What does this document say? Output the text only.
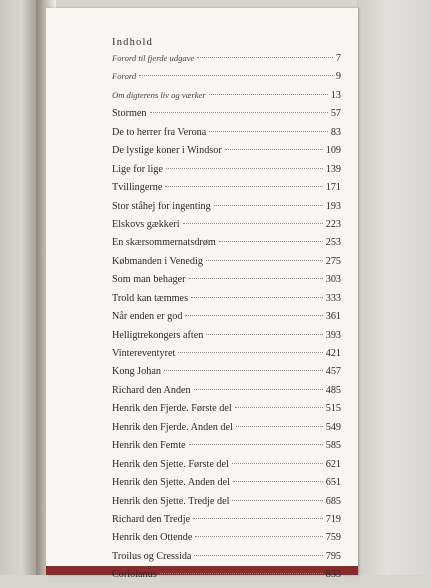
Indhold
Forord til fjerde udgave	7
Forord	9
Om digterens liv og værker	13
Stormen	57
De to herrer fra Verona	83
De lystige koner i Windsor	109
Lige for lige	139
Tvillingerne	171
Stor ståhej for ingenting	193
Elskovs gækkeri	223
En skærsommernatsdrøm	253
Købmanden i Venedig	275
Som man behager	303
Trold kan tæmmes	333
Når enden er god	361
Helligtrekongers aften	393
Vintereventyret	421
Kong Johan	457
Richard den Anden	485
Henrik den Fjerde. Første del	515
Henrik den Fjerde. Anden del	549
Henrik den Femte	585
Henrik den Sjette. Første del	621
Henrik den Sjette. Anden del	651
Henrik den Sjette. Tredje del	685
Richard den Tredje	719
Henrik den Ottende	759
Troilus og Cressida	795
Coriolanus	833
